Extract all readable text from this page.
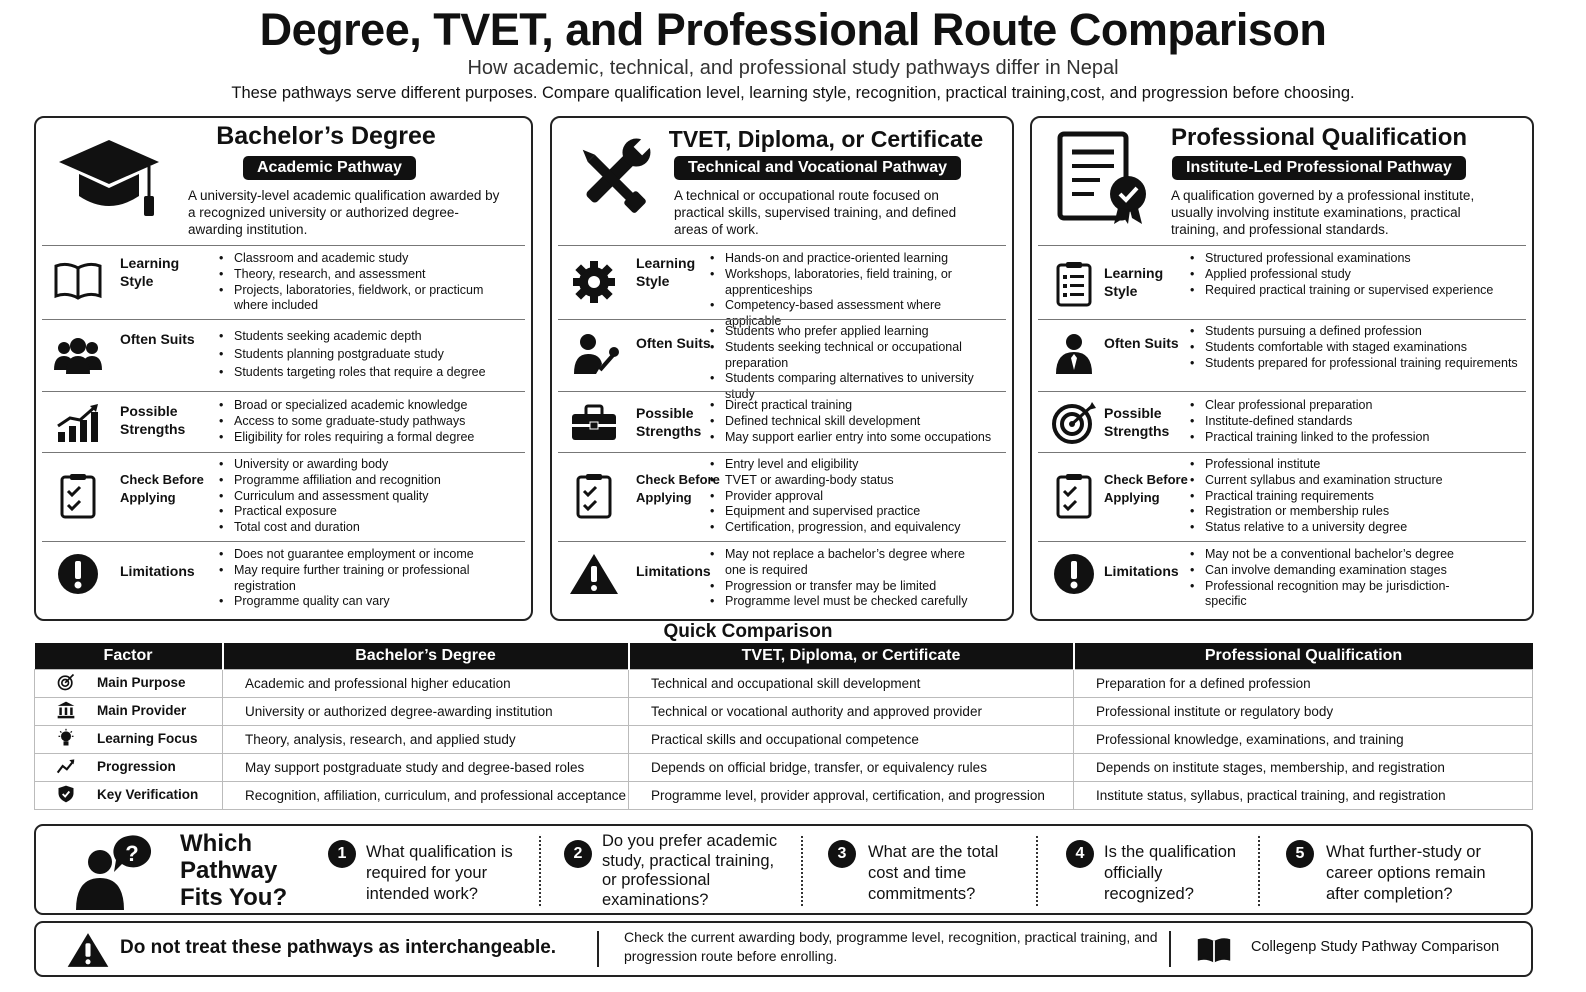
Degree, TVET, and Professional Route Comparison
How academic, technical, and professional study pathways differ in Nepal
These pathways serve different purposes. Compare qualification level, learning style, recognition, practical training,cost, and progression before choosing.
Bachelor’s Degree
Academic Pathway
A university-level academic qualification awarded by a recognized university or authorized degree-awarding institution.
Learning Style
• Classroom and academic study
• Theory, research, and assessment
• Projects, laboratories, fieldwork, or practicum where included
Often Suits	• Students seeking academic depth
• Students planning postgraduate study
• Students targeting roles that require a degree
Possible Strengths
• Broad or specialized academic knowledge
• Access to some graduate-study pathways
• Eligibility for roles requiring a formal degree
Check Before Applying
• University or awarding body
• Programme affiliation and recognition
• Curriculum and assessment quality
• Practical exposure
• Total cost and duration
Limitations
• Does not guarantee employment or income
• May require further training or professional registration
• Programme quality can vary
TVET, Diploma, or Certificate
Technical and Vocational Pathway
A technical or occupational route focused on practical skills, supervised training, and defined areas of work.
Learning Style
• Hands-on and practice-oriented learning
• Workshops, laboratories, field training, or apprenticeships
• Competency-based assessment where applicable
Often Suits
• Students who prefer applied learning
• Students seeking technical or occupational preparation
• Students comparing alternatives to university study
Possible Strengths
• Direct practical training
• Defined technical skill development
• May support earlier entry into some occupations
Check Before Applying
• Entry level and eligibility
• TVET or awarding-body status
• Provider approval
• Equipment and supervised practice
• Certification, progression, and equivalency
Limitations
• May not replace a bachelor’s degree where one is required
• Progression or transfer may be limited
• Programme level must be checked carefully
Professional Qualification
Institute-Led Professional Pathway
A qualification governed by a professional institute, usually involving institute examinations, practical training, and professional standards.
Learning Style
• Structured professional examinations
• Applied professional study
• Required practical training or supervised experience
Often Suits
• Students pursuing a defined profession
• Students comfortable with staged examinations
• Students prepared for professional training requirements
Possible Strengths
• Clear professional preparation
• Institute-defined standards
• Practical training linked to the profession
Check Before Applying
• Professional institute
• Current syllabus and examination structure
• Practical training requirements
• Registration or membership rules
• Status relative to a university degree
Limitations
• May not be a conventional bachelor’s degree
• Can involve demanding examination stages
• Professional recognition may be jurisdiction-specific
Quick Comparison
Factor	Bachelor’s Degree	TVET, Diploma, or Certificate	Professional Qualification
Main Purpose	Academic and professional higher education	Technical and occupational skill development	Preparation for a defined profession
Main Provider	University or authorized degree-awarding institution	Technical or vocational authority and approved provider	Professional institute or regulatory body
Learning Focus	Theory, analysis, research, and applied study	Practical skills and occupational competence	Professional knowledge, examinations, and training
Progression	May support postgraduate study and degree-based roles	Depends on official bridge, transfer, or equivalency rules	Depends on institute stages, membership, and registration
Key Verification	Recognition, affiliation, curriculum, and professional acceptance	Programme level, provider approval, certification, and progression	Institute status, syllabus, practical training, and registration
Which
Pathway
Fits You?
1	What qualification is required for your intended work?
2
Do you prefer academic study, practical training, or professional examinations?
3	What are the total cost and time commitments?
4	Is the qualification officially recognized?
5	What further-study or career options remain after completion?
Do not treat these pathways as interchangeable.	Check the current awarding body, programme level, recognition, practical training, and progression route before enrolling.
Collegenp Study Pathway Comparison
